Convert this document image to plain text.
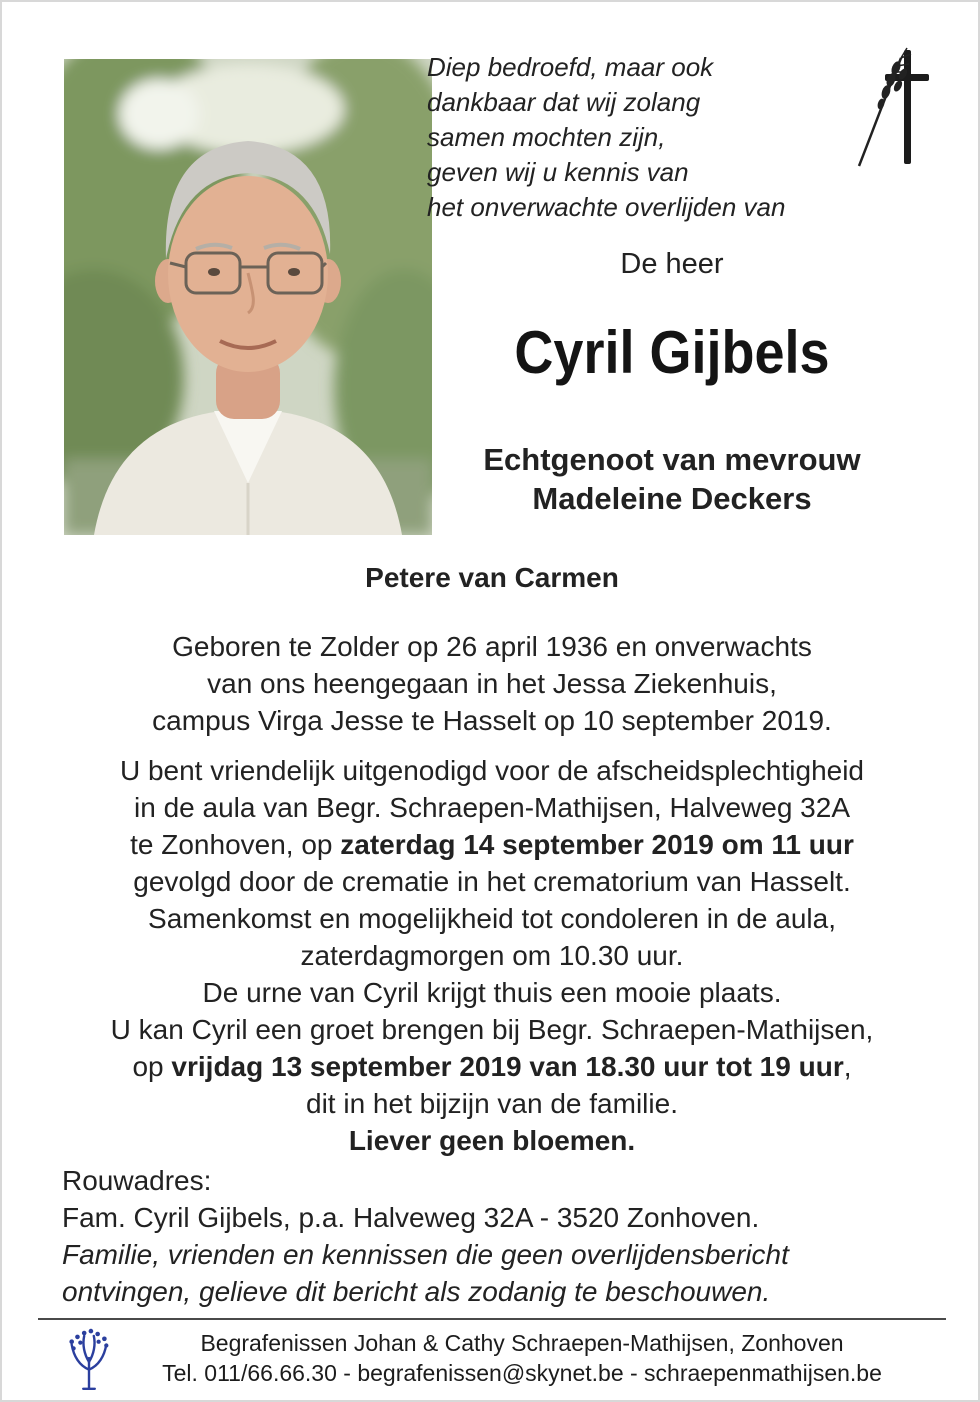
Diep bedroefd, maar ook
dankbaar dat wij zolang
samen mochten zijn,
geven wij u kennis van
het onverwachte overlijden van
De heer
Cyril Gijbels
Echtgenoot van mevrouw
Madeleine Deckers
Petere van Carmen
Geboren te Zolder op 26 april 1936 en onverwachts
van ons heengegaan in het Jessa Ziekenhuis,
campus Virga Jesse te Hasselt op 10 september 2019.
U bent vriendelijk uitgenodigd voor de afscheidsplechtigheid
in de aula van Begr. Schraepen-Mathijsen, Halveweg 32A
te Zonhoven, op zaterdag 14 september 2019 om 11 uur
gevolgd door de crematie in het crematorium van Hasselt.
Samenkomst en mogelijkheid tot condoleren in de aula,
zaterdagmorgen om 10.30 uur.
De urne van Cyril krijgt thuis een mooie plaats.
U kan Cyril een groet brengen bij Begr. Schraepen-Mathijsen,
op vrijdag 13 september 2019 van 18.30 uur tot 19 uur,
dit in het bijzijn van de familie.
Liever geen bloemen.
Rouwadres:
Fam. Cyril Gijbels, p.a. Halveweg 32A - 3520 Zonhoven.
Familie, vrienden en kennissen die geen overlijdensbericht
ontvingen, gelieve dit bericht als zodanig te beschouwen.
Begrafenissen Johan & Cathy Schraepen-Mathijsen, Zonhoven
Tel. 011/66.66.30 - begrafenissen@skynet.be - schraepenmathijsen.be
